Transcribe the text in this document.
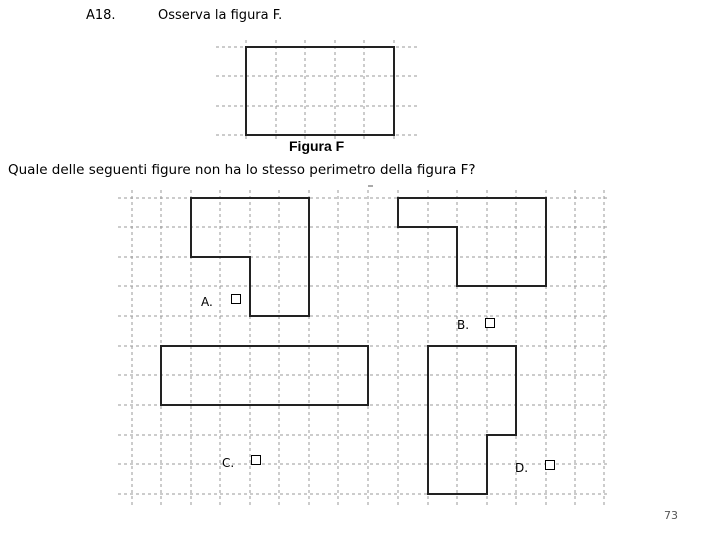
A18.	Osserva la figura F.
Figura F
Quale delle seguenti figure non ha lo stesso perimetro della figura F?
A.
B.
C.	D.
73
